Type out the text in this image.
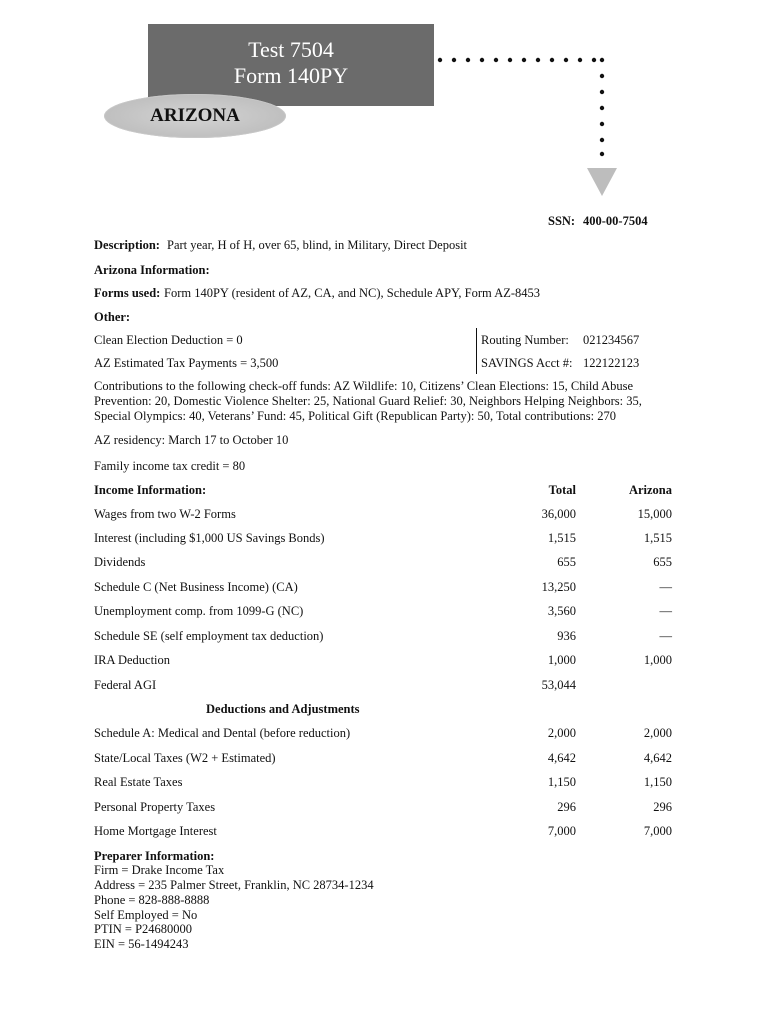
Test 7504
Form 140PY
ARIZONA
SSN: 400-00-7504
Description: Part year, H of H, over 65, blind, in Military, Direct Deposit
Arizona Information:
Forms used: Form 140PY (resident of AZ, CA, and NC), Schedule APY, Form AZ-8453
Other:
Clean Election Deduction = 0
AZ Estimated Tax Payments = 3,500
Routing Number: 021234567
SAVINGS Acct #: 122122123
Contributions to the following check-off funds: AZ Wildlife: 10, Citizens’ Clean Elections: 15, Child Abuse
Prevention: 20, Domestic Violence Shelter: 25, National Guard Relief: 30, Neighbors Helping Neighbors: 35,
Special Olympics: 40, Veterans’ Fund: 45, Political Gift (Republican Party): 50, Total contributions: 270
AZ residency: March 17 to October 10
Family income tax credit = 80
Income Information:	Total	Arizona
Wages from two W-2 Forms	36,000	15,000
Interest (including $1,000 US Savings Bonds)	1,515	1,515
Dividends	655	655
Schedule C (Net Business Income) (CA)	13,250	—
Unemployment comp. from 1099-G (NC)	3,560	—
Schedule SE (self employment tax deduction)	936	—
IRA Deduction	1,000	1,000
Federal AGI	53,044
Deductions and Adjustments
Schedule A: Medical and Dental (before reduction)	2,000	2,000
State/Local Taxes (W2 + Estimated)	4,642	4,642
Real Estate Taxes	1,150	1,150
Personal Property Taxes	296	296
Home Mortgage Interest	7,000	7,000
Preparer Information:
Firm = Drake Income Tax
Address = 235 Palmer Street, Franklin, NC 28734-1234
Phone = 828-888-8888
Self Employed = No
PTIN = P24680000
EIN = 56-1494243
